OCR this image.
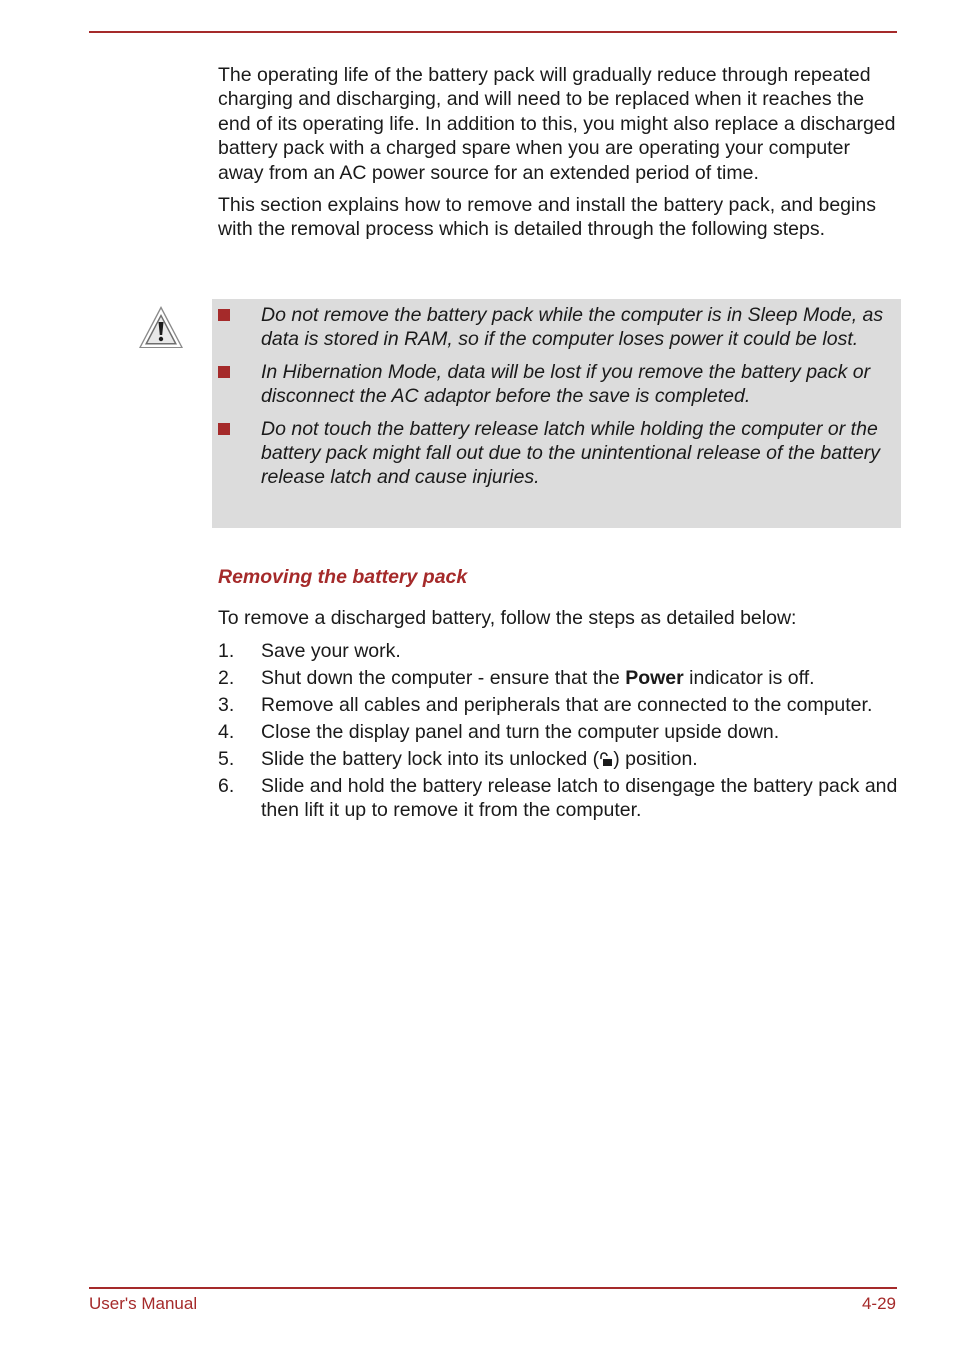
The operating life of the battery pack will gradually reduce through repeated charging and discharging, and will need to be replaced when it reaches the end of its operating life. In addition to this, you might also replace a discharged battery pack with a charged spare when you are operating your computer away from an AC power source for an extended period of time.

This section explains how to remove and install the battery pack, and begins with the removal process which is detailed through the following steps.

Do not remove the battery pack while the computer is in Sleep Mode, as data is stored in RAM, so if the computer loses power it could be lost.
In Hibernation Mode, data will be lost if you remove the battery pack or disconnect the AC adaptor before the save is completed.
Do not touch the battery release latch while holding the computer or the battery pack might fall out due to the unintentional release of the battery release latch and cause injuries.
Removing the battery pack

To remove a discharged battery, follow the steps as detailed below:

1. Save your work.
2. Shut down the computer - ensure that the Power indicator is off.
3. Remove all cables and peripherals that are connected to the computer.
4. Close the display panel and turn the computer upside down.
5. Slide the battery lock into its unlocked ( ) position.
6. Slide and hold the battery release latch to disengage the battery pack and then lift it up to remove it from the computer.
User's Manual	4-29
